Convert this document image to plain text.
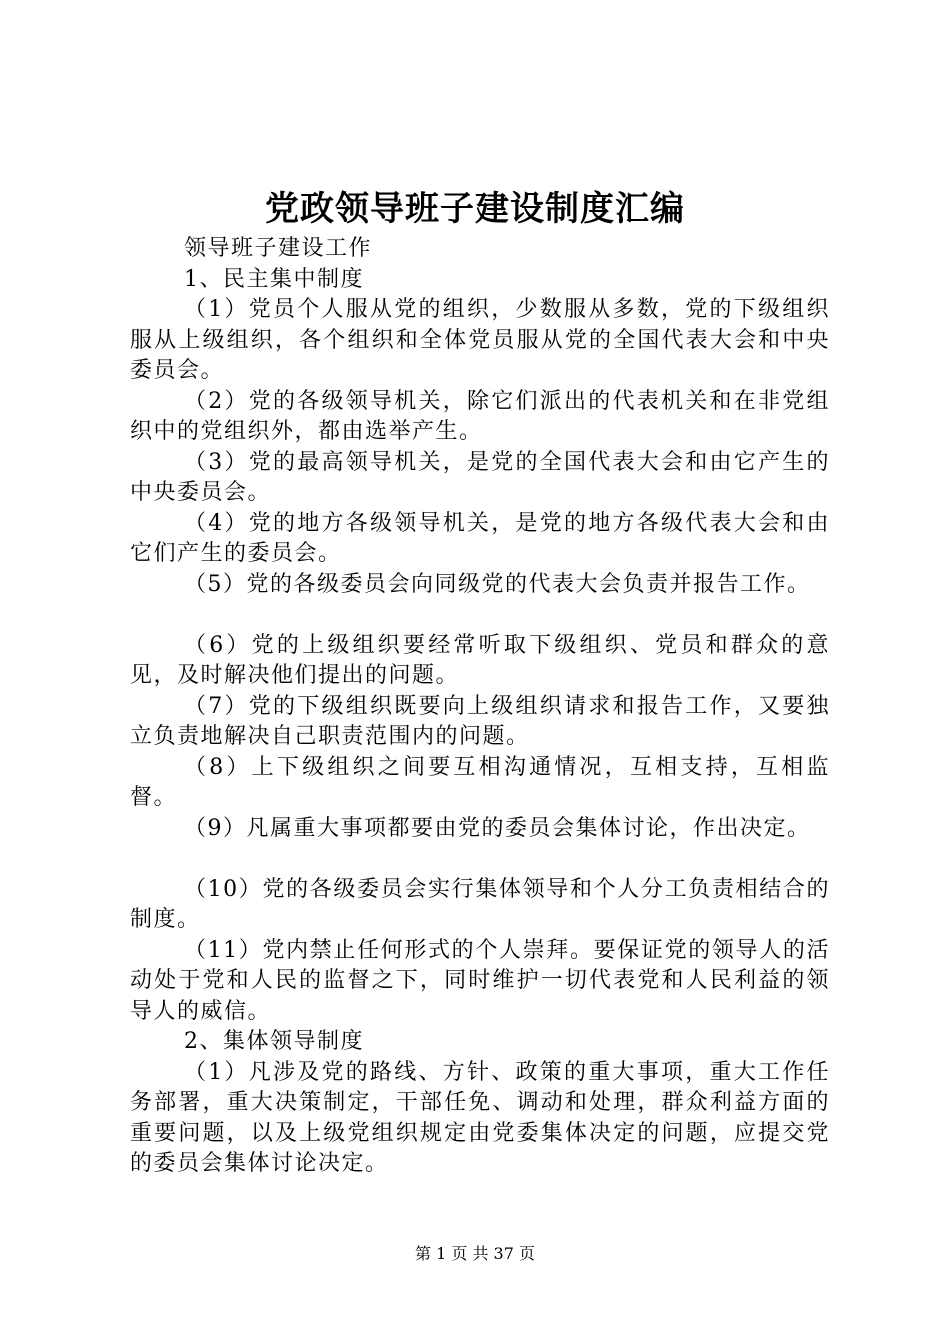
党政领导班子建设制度汇编

领导班子建设工作

1、民主集中制度

（1）党员个人服从党的组织，少数服从多数，党的下级组织服从上级组织，各个组织和全体党员服从党的全国代表大会和中央委员会。

（2）党的各级领导机关，除它们派出的代表机关和在非党组织中的党组织外，都由选举产生。

（3）党的最高领导机关，是党的全国代表大会和由它产生的中央委员会。

（4）党的地方各级领导机关，是党的地方各级代表大会和由它们产生的委员会。

（5）党的各级委员会向同级党的代表大会负责并报告工作。

（6）党的上级组织要经常听取下级组织、党员和群众的意见，及时解决他们提出的问题。

（7）党的下级组织既要向上级组织请求和报告工作，又要独立负责地解决自己职责范围内的问题。

（8）上下级组织之间要互相沟通情况，互相支持，互相监督。

（9）凡属重大事项都要由党的委员会集体讨论，作出决定。

（10）党的各级委员会实行集体领导和个人分工负责相结合的制度。

（11）党内禁止任何形式的个人崇拜。要保证党的领导人的活动处于党和人民的监督之下，同时维护一切代表党和人民利益的领导人的威信。

2、集体领导制度

（1）凡涉及党的路线、方针、政策的重大事项，重大工作任务部署，重大决策制定，干部任免、调动和处理，群众利益方面的重要问题，以及上级党组织规定由党委集体决定的问题，应提交党的委员会集体讨论决定。

第 1 页 共 37 页
